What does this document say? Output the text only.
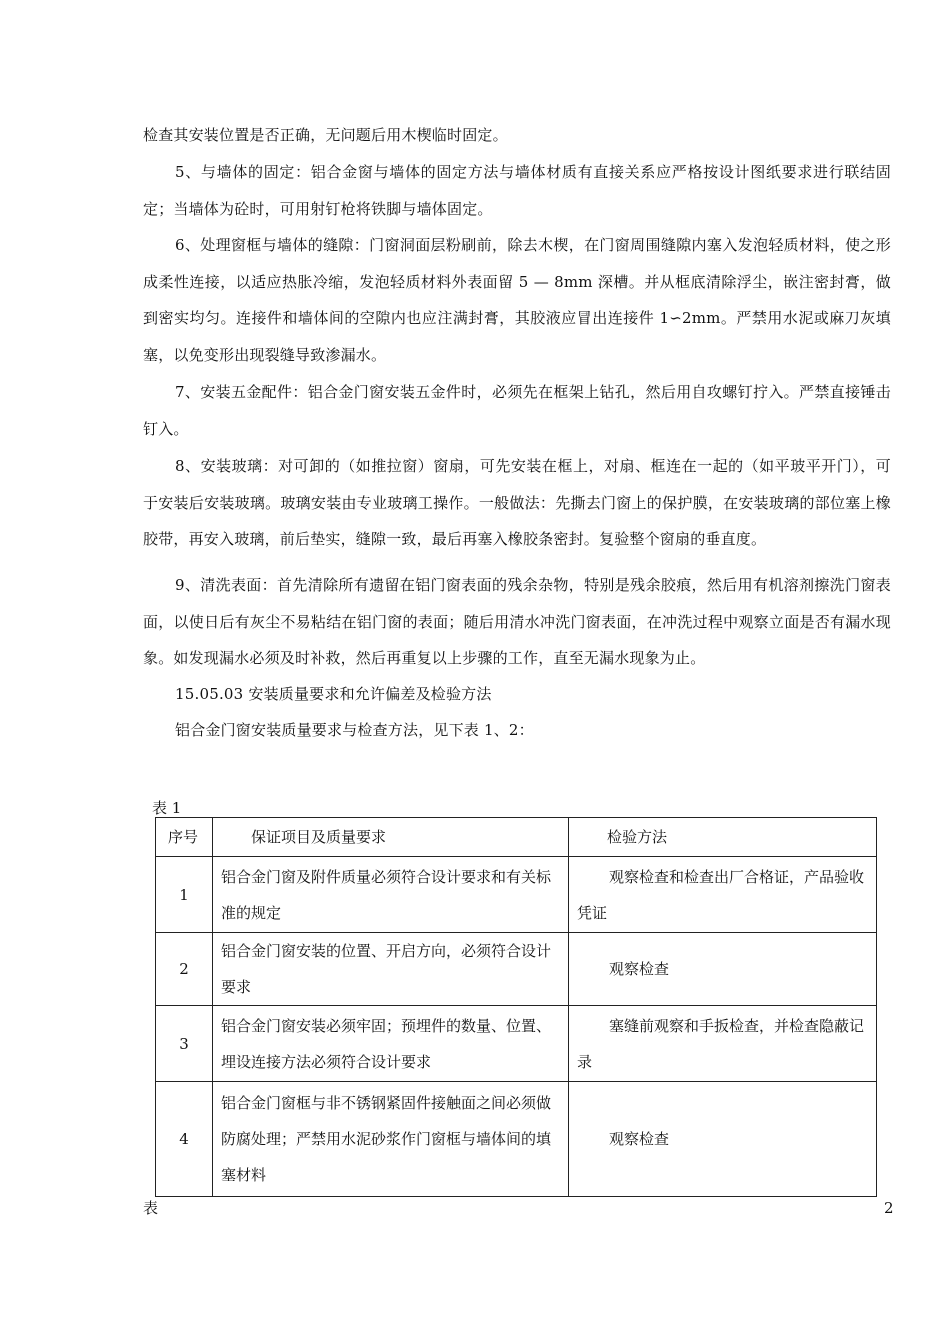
检查其安装位置是否正确，无问题后用木楔临时固定。

5、与墙体的固定：铝合金窗与墙体的固定方法与墙体材质有直接关系应严格按设计图纸要求进行联结固定；当墙体为砼时，可用射钉枪将铁脚与墙体固定。

6、处理窗框与墙体的缝隙：门窗洞面层粉刷前，除去木楔，在门窗周围缝隙内塞入发泡轻质材料，使之形成柔性连接，以适应热胀冷缩，发泡轻质材料外表面留 5 — 8mm 深槽。并从框底清除浮尘，嵌注密封膏，做到密实均匀。连接件和墙体间的空隙内也应注满封膏，其胶液应冒出连接件 1∽2mm。严禁用水泥或麻刀灰填塞，以免变形出现裂缝导致渗漏水。

7、安装五金配件：铝合金门窗安装五金件时，必须先在框架上钻孔，然后用自攻螺钉拧入。严禁直接锤击钉入。

8、安装玻璃：对可卸的（如推拉窗）窗扇，可先安装在框上，对扇、框连在一起的（如平玻平开门），可于安装后安装玻璃。玻璃安装由专业玻璃工操作。一般做法：先撕去门窗上的保护膜，在安装玻璃的部位塞上橡胶带，再安入玻璃，前后垫实，缝隙一致，最后再塞入橡胶条密封。复验整个窗扇的垂直度。

9、清洗表面：首先清除所有遗留在铝门窗表面的残余杂物，特别是残余胶痕，然后用有机溶剂擦洗门窗表面，以使日后有灰尘不易粘结在铝门窗的表面；随后用清水冲洗门窗表面，在冲洗过程中观察立面是否有漏水现象。如发现漏水必须及时补救，然后再重复以上步骤的工作，直至无漏水现象为止。

15.05.03 安装质量要求和允许偏差及检验方法

铝合金门窗安装质量要求与检查方法，见下表 1、2：

表 1

序号	保证项目及质量要求	检验方法
1	铝合金门窗及附件质量必须符合设计要求和有关标准的规定	观察检查和检查出厂合格证，产品验收凭证

2	铝合金门窗安装的位置、开启方向，必须符合设计要求	观察检查

3	铝合金门窗安装必须牢固；预埋件的数量、位置、埋设连接方法必须符合设计要求	塞缝前观察和手扳检查，并检查隐蔽记录

4	铝合金门窗框与非不锈钢紧固件接触面之间必须做防腐处理；严禁用水泥砂浆作门窗框与墙体间的填塞材料	观察检查

表	2
